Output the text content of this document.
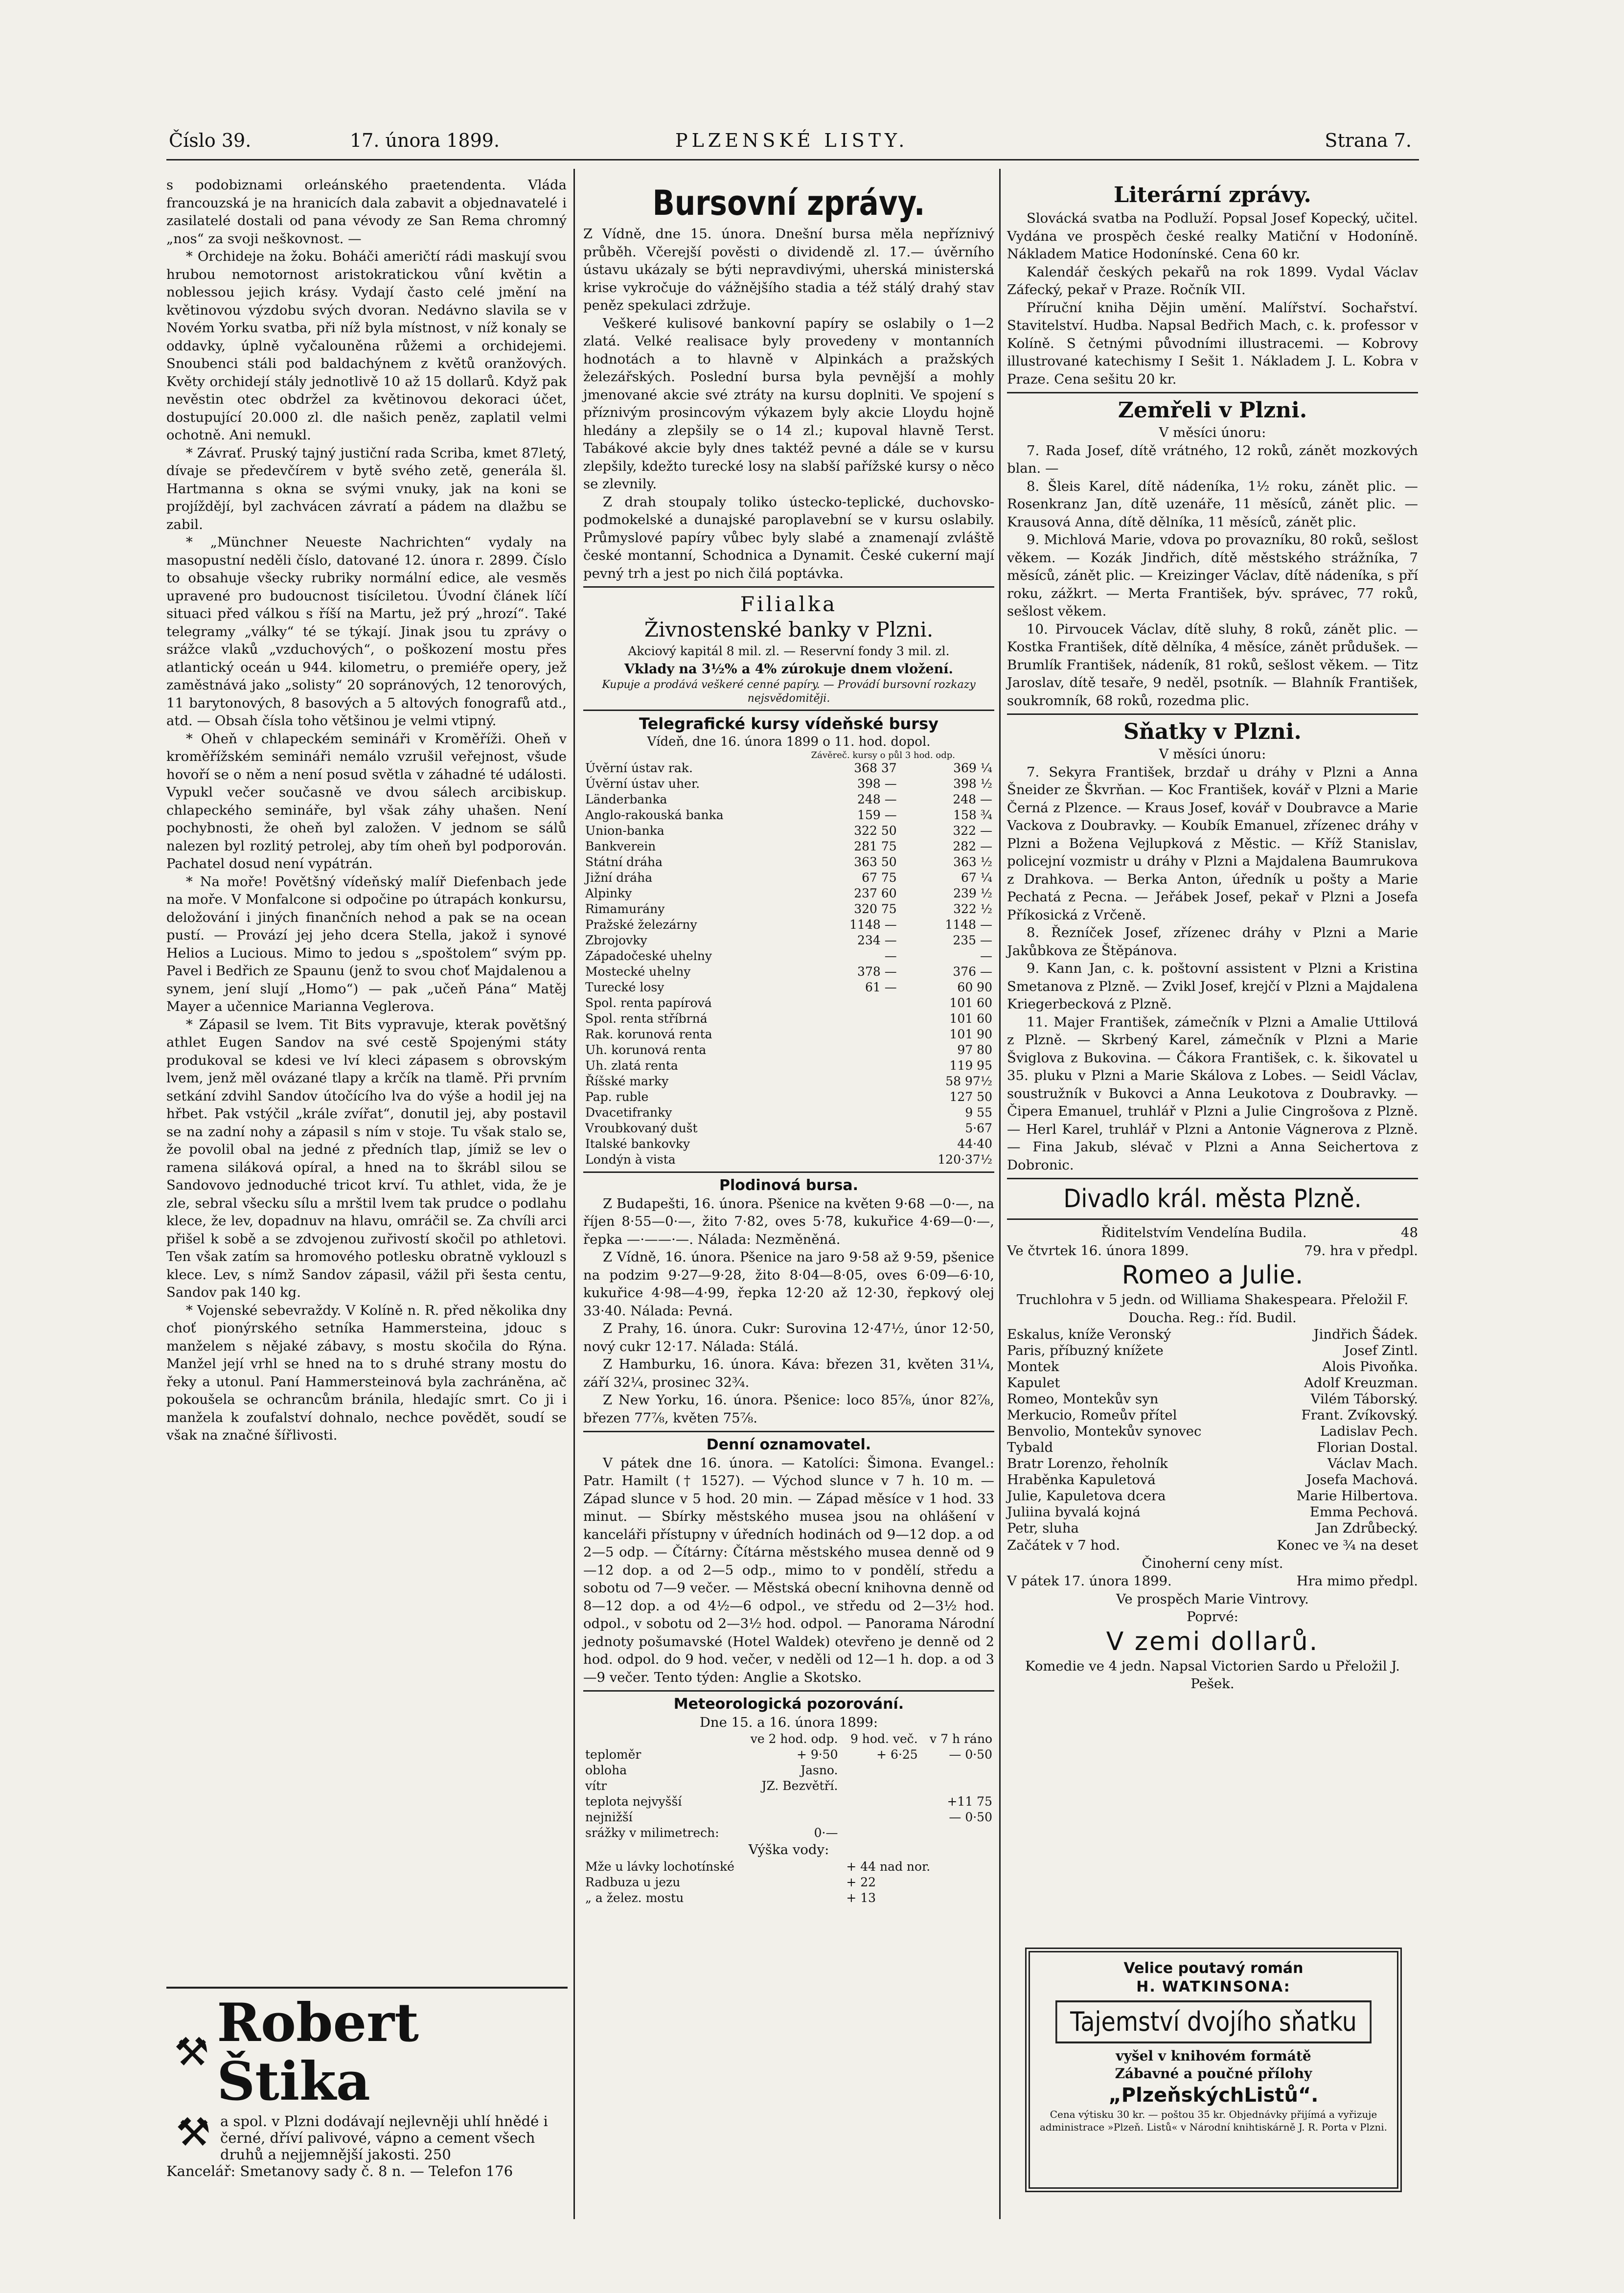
Číslo 39.	17. února 1899.	PLZENSKÉ LISTY.	Strana 7.

s podobiznami orleánského praetendenta. Vláda francouzská je na hranicích dala zabavit a objednavatelé i zasilatelé dostali od pana vévody ze San Rema chromný „nos“ za svoji neškovnost. —

* Orchideje na žoku. Boháči američtí rádi maskují svou hrubou nemotornost aristokratickou vůní květin a noblessou jejich krásy. Vydají často celé jmění na květinovou výzdobu svých dvoran. Nedávno slavila se v Novém Yorku svatba, při níž byla místnost, v níž konaly se oddavky, úplně vyčalouněna růžemi a orchidejemi. Snoubenci stáli pod baldachýnem z květů oranžových. Květy orchidejí stály jednotlivě 10 až 15 dollarů. Když pak nevěstin otec obdržel za květinovou dekoraci účet, dostupující 20.000 zl. dle našich peněz, zaplatil velmi ochotně. Ani nemukl.

* Závrať. Pruský tajný justiční rada Scriba, kmet 87letý, dívaje se předevčírem v bytě svého zetě, generála šl. Hartmanna s okna se svými vnuky, jak na koni se projíždějí, byl zachvácen závratí a pádem na dlažbu se zabil.

* „Münchner Neueste Nachrichten“ vydaly na masopustní neděli číslo, datované 12. února r. 2899. Číslo to obsahuje všecky rubriky normální edice, ale vesměs upravené pro budoucnost tisíciletou. Úvodní článek líčí situaci před válkou s říší na Martu, jež prý „hrozí“. Také telegramy „války“ té se týkají. Jinak jsou tu zprávy o srážce vlaků „vzduchových“, o poškození mostu přes atlantický oceán u 944. kilometru, o premiéře opery, jež zaměstnává jako „solisty“ 20 sopránových, 12 tenorových, 11 barytonových, 8 basových a 5 altových fonografů atd., atd. — Obsah čísla toho většinou je velmi vtipný.

* Oheň v chlapeckém semináři v Kroměříži. Oheň v kroměřížském semináři nemálo vzrušil veřejnost, všude hovoří se o něm a není posud světla v záhadné té události. Vypukl večer současně ve dvou sálech arcibiskup. chlapeckého semináře, byl však záhy uhašen. Není pochybnosti, že oheň byl založen. V jednom se sálů nalezen byl rozlitý petrolej, aby tím oheň byl podporován. Pachatel dosud není vypátrán.

* Na moře! Povětšný vídeňský malíř Diefenbach jede na moře. V Monfalcone si odpočine po útrapách konkursu, deložování i jiných finančních nehod a pak se na ocean pustí. — Provází jej jeho dcera Stella, jakož i synové Helios a Lucious. Mimo to jedou s „spoštolem“ svým pp. Pavel i Bedřich ze Spaunu (jenž to svou choť Majdalenou a synem, jení slují „Homo“) — pak „učeň Pána“ Matěj Mayer a učennice Marianna Veglerova.

* Zápasil se lvem. Tit Bits vypravuje, kterak povětšný athlet Eugen Sandov na své cestě Spojenými státy produkoval se kdesi ve lví kleci zápasem s obrovským lvem, jenž měl ovázané tlapy a krčík na tlamě. Při prvním setkání zdvihl Sandov útočícího lva do výše a hodil jej na hřbet. Pak vstýčil „krále zvířat“, donutil jej, aby postavil se na zadní nohy a zápasil s ním v stoje. Tu však stalo se, že povolil obal na jedné z předních tlap, jímiž se lev o ramena siláková opíral, a hned na to škrábl silou se Sandovovo jednoduché tricot krví. Tu athlet, vida, že je zle, sebral všecku sílu a mrštil lvem tak prudce o podlahu klece, že lev, dopadnuv na hlavu, omráčil se. Za chvíli arci přišel k sobě a se zdvojenou zuřivostí skočil po athletovi. Ten však zatím sa hromového potlesku obratně vyklouzl s klece. Lev, s nímž Sandov zápasil, vážil při šesta centu, Sandov pak 140 kg.

* Vojenské sebevraždy. V Kolíně n. R. před několika dny choť pionýrského setníka Hammersteina, jdouc s manželem s nějaké zábavy, s mostu skočila do Rýna. Manžel její vrhl se hned na to s druhé strany mostu do řeky a utonul. Paní Hammersteinová byla zachráněna, ač pokoušela se ochrancům bránila, hledajíc smrt. Co ji i manžela k zoufalství dohnalo, nechce povědět, soudí se však na značné šířlivosti.

⚒ Robert Štika
⚒ a spol. v Plzni dodávají nejlevněji uhlí hnědé i černé, dříví palivové, vápno a cement všech druhů a nejjemnější jakosti. 250
Kancelář: Smetanovy sady č. 8 n. — Telefon 176
Bursovní zprávy.

Z Vídně, dne 15. února. Dnešní bursa měla nepříznivý průběh. Včerejší pověsti o dividendě zl. 17.— úvěrního ústavu ukázaly se býti nepravdivými, uherská ministerská krise vykročuje do vážnějšího stadia a též stálý drahý stav peněz spekulaci zdržuje.

Veškeré kulisové bankovní papíry se oslabily o 1—2 zlatá. Velké realisace byly provedeny v montanních hodnotách a to hlavně v Alpinkách a pražských železářských. Poslední bursa byla pevnější a mohly jmenované akcie své ztráty na kursu doplniti. Ve spojení s příznivým prosincovým výkazem byly akcie Lloydu hojně hledány a zlepšily se o 14 zl.; kupoval hlavně Terst. Tabákové akcie byly dnes taktéž pevné a dále se v kursu zlepšily, kdežto turecké losy na slabší pařížské kursy o něco se zlevnily.

Z drah stoupaly toliko ústecko-teplické, duchovsko-podmokelské a dunajské paroplavební se v kursu oslabily. Průmyslové papíry vůbec byly slabé a znamenají zvláště české montanní, Schodnica a Dynamit. České cukerní mají pevný trh a jest po nich čilá poptávka.

Filialka
Živnostenské banky v Plzni.
Akciový kapitál 8 mil. zl. — Reservní fondy 3 mil. zl.
Vklady na 3½% a 4% zúrokuje dnem vložení.
Kupuje a prodává veškeré cenné papíry. — Provádí bursovní rozkazy nejsvědomitěji.
Telegrafické kursy vídeňské bursy
Vídeň, dne 16. února 1899 o 11. hod. dopol.
Závěreč. kursy o půl 3 hod. odp.
Úvěrní ústav rak.	368 37	369 ¼
Úvěrní ústav uher.	398 —	398 ½
Länderbanka	248 —	248 —
Anglo-rakouská banka	159 —	158 ¾
Union-banka	322 50	322 —
Bankverein	281 75	282 —
Státní dráha	363 50	363 ½
Jižní dráha	67 75	67 ¼
Alpinky	237 60	239 ½
Rimamurány	320 75	322 ½
Pražské železárny	1148 —	1148 —
Zbrojovky	234 —	235 —
Západočeské uhelny	—	—
Mostecké uhelny	378 —	376 —
Turecké losy	61 —	60 90
Spol. renta papírová		101 60
Spol. renta stříbrná		101 60
Rak. korunová renta		101 90
Uh. korunová renta		97 80
Uh. zlatá renta		119 95
Říšské marky		58 97½
Pap. ruble		127 50
Dvacetifranky		9 55
Vroubkovaný dušt		5·67
Italské bankovky		44·40
Londýn à vista		120·37½
Plodinová bursa.

Z Budapešti, 16. února. Pšenice na květen 9·68 —0·—, na říjen 8·55—0·—, žito 7·82, oves 5·78, kukuřice 4·69—0·—, řepka —·——·—. Nálada: Nezměněná.

Z Vídně, 16. února. Pšenice na jaro 9·58 až 9·59, pšenice na podzim 9·27—9·28, žito 8·04—8·05, oves 6·09—6·10, kukuřice 4·98—4·99, řepka 12·20 až 12·30, řepkový olej 33·40. Nálada: Pevná.

Z Prahy, 16. února. Cukr: Surovina 12·47½, únor 12·50, nový cukr 12·17. Nálada: Stálá.

Z Hamburku, 16. února. Káva: březen 31, květen 31¼, září 32¼, prosinec 32¾.

Z New Yorku, 16. února. Pšenice: loco 85⅞, únor 82⅞, březen 77⅞, květen 75⅞.

Denní oznamovatel.

V pátek dne 16. února. — Katolíci: Šimona. Evangel.: Patr. Hamilt († 1527). — Východ slunce v 7 h. 10 m. — Západ slunce v 5 hod. 20 min. — Západ měsíce v 1 hod. 33 minut. — Sbírky městského musea jsou na ohlášení v kanceláři přístupny v úředních hodinách od 9—12 dop. a od 2—5 odp. — Čítárny: Čítárna městského musea denně od 9—12 dop. a od 2—5 odp., mimo to v pondělí, středu a sobotu od 7—9 večer. — Městská obecní knihovna denně od 8—12 dop. a od 4½—6 odpol., ve středu od 2—3½ hod. odpol., v sobotu od 2—3½ hod. odpol. — Panorama Národní jednoty pošumavské (Hotel Waldek) otevřeno je denně od 2 hod. odpol. do 9 hod. večer, v neděli od 12—1 h. dop. a od 3—9 večer. Tento týden: Anglie a Skotsko.

Meteorologická pozorování.
Dne 15. a 16. února 1899:
	ve 2 hod. odp.	9 hod. več.	v 7 h ráno
teploměr	+ 9·50	+ 6·25	— 0·50
obloha	Jasno.		
vítr	JZ. Bezvětří.		
teplota nejvyšší			+11 75
nejnižší			— 0·50
srážky v milimetrech:	0·—		
Výška vody:
Mže u lávky lochotínské	+ 44 nad nor.
Radbuza u jezu	+ 22
„ a želez. mostu	+ 13
Literární zprávy.

Slovácká svatba na Podluží. Popsal Josef Kopecký, učitel. Vydána ve prospěch české realky Matiční v Hodoníně. Nákladem Matice Hodonínské. Cena 60 kr.

Kalendář českých pekařů na rok 1899. Vydal Václav Záfecký, pekař v Praze. Ročník VII.

Příruční kniha Dějin umění. Malířství. Sochařství. Stavitelství. Hudba. Napsal Bedřich Mach, c. k. professor v Kolíně. S četnými původními illustracemi. — Kobrovy illustrované katechismy I Sešit 1. Nákladem J. L. Kobra v Praze. Cena sešitu 20 kr.

Zemřeli v Plzni.
V měsíci únoru:

7. Rada Josef, dítě vrátného, 12 roků, zánět mozkových blan. —

8. Šleis Karel, dítě nádeníka, 1½ roku, zánět plic. — Rosenkranz Jan, dítě uzenáře, 11 měsíců, zánět plic. — Krausová Anna, dítě dělníka, 11 měsíců, zánět plic.

9. Michlová Marie, vdova po provazníku, 80 roků, sešlost věkem. — Kozák Jindřich, dítě městského strážníka, 7 měsíců, zánět plic. — Kreizinger Václav, dítě nádeníka, s pří roku, zážkrt. — Merta František, býv. správec, 77 roků, sešlost věkem.

10. Pirvoucek Václav, dítě sluhy, 8 roků, zánět plic. — Kostka František, dítě dělníka, 4 měsíce, zánět průdušek. — Brumlík František, nádeník, 81 roků, sešlost věkem. — Titz Jaroslav, dítě tesaře, 9 neděl, psotník. — Blahník František, soukromník, 68 roků, rozedma plic.

Sňatky v Plzni.
V měsíci únoru:

7. Sekyra František, brzdař u dráhy v Plzni a Anna Šneider ze Škvrňan. — Koc František, kovář v Plzni a Marie Černá z Plzence. — Kraus Josef, kovář v Doubravce a Marie Vackova z Doubravky. — Koubík Emanuel, zřízenec dráhy v Plzni a Božena Vejlupková z Městic. — Kříž Stanislav, policejní vozmistr u dráhy v Plzni a Majdalena Baumrukova z Drahkova. — Berka Anton, úředník u pošty a Marie Pechatá z Pecna. — Jeřábek Josef, pekař v Plzni a Josefa Příkosická z Vrčeně.

8. Řezníček Josef, zřízenec dráhy v Plzni a Marie Jakůbkova ze Štěpánova.

9. Kann Jan, c. k. poštovní assistent v Plzni a Kristina Smetanova z Plzně. — Zvikl Josef, krejčí v Plzni a Majdalena Kriegerbecková z Plzně.

11. Majer František, zámečník v Plzni a Amalie Uttilová z Plzně. — Skrbený Karel, zámečník v Plzni a Marie Šviglova z Bukovina. — Čákora František, c. k. šikovatel u 35. pluku v Plzni a Marie Skálova z Lobes. — Seidl Václav, soustružník v Bukovci a Anna Leukotova z Doubravky. — Čipera Emanuel, truhlář v Plzni a Julie Cingrošova z Plzně. — Herl Karel, truhlář v Plzni a Antonie Vágnerova z Plzně. — Fina Jakub, slévač v Plzni a Anna Seichertova z Dobronic.

Divadlo král. města Plzně.
Řiditelstvím Vendelína Budila.	48
Ve čtvrtek 16. února 1899.	79. hra v předpl.
Romeo a Julie.
Truchlohra v 5 jedn. od Williama Shakespeara. Přeložil F. Doucha. Reg.: říd. Budil.
Eskalus, kníže Veronský	Jindřich Šádek.
Paris, příbuzný knížete	Josef Zintl.
Montek	Alois Pivoňka.
Kapulet	Adolf Kreuzman.
Romeo, Montekův syn	Vilém Táborský.
Merkucio, Romeův přítel	Frant. Zvíkovský.
Benvolio, Montekův synovec	Ladislav Pech.
Tybald	Florian Dostal.
Bratr Lorenzo, řeholník	Václav Mach.
Hraběnka Kapuletová	Josefa Machová.
Julie, Kapuletova dcera	Marie Hilbertova.
Juliina byvalá kojná	Emma Pechová.
Petr, sluha	Jan Zdrůbecký.
Začátek v 7 hod.	Konec ve ¾ na deset
Činoherní ceny míst.
V pátek 17. února 1899.	Hra mimo předpl.
Ve prospěch Marie Vintrovy.
Poprvé:
V zemi dollarů.
Komedie ve 4 jedn. Napsal Victorien Sardo u Přeložil J. Pešek.
Velice poutavý román
H. WATKINSONA:
Tajemství dvojího sňatku
vyšel v knihovém formátě
Zábavné a poučné přílohy
„PlzeňskýchListů“.
Cena výtisku 30 kr. — poštou 35 kr. Objednávky přijímá a vyřizuje administrace »Plzeň. Listů« v Národní knihtiskárně J. R. Porta v Plzni.
